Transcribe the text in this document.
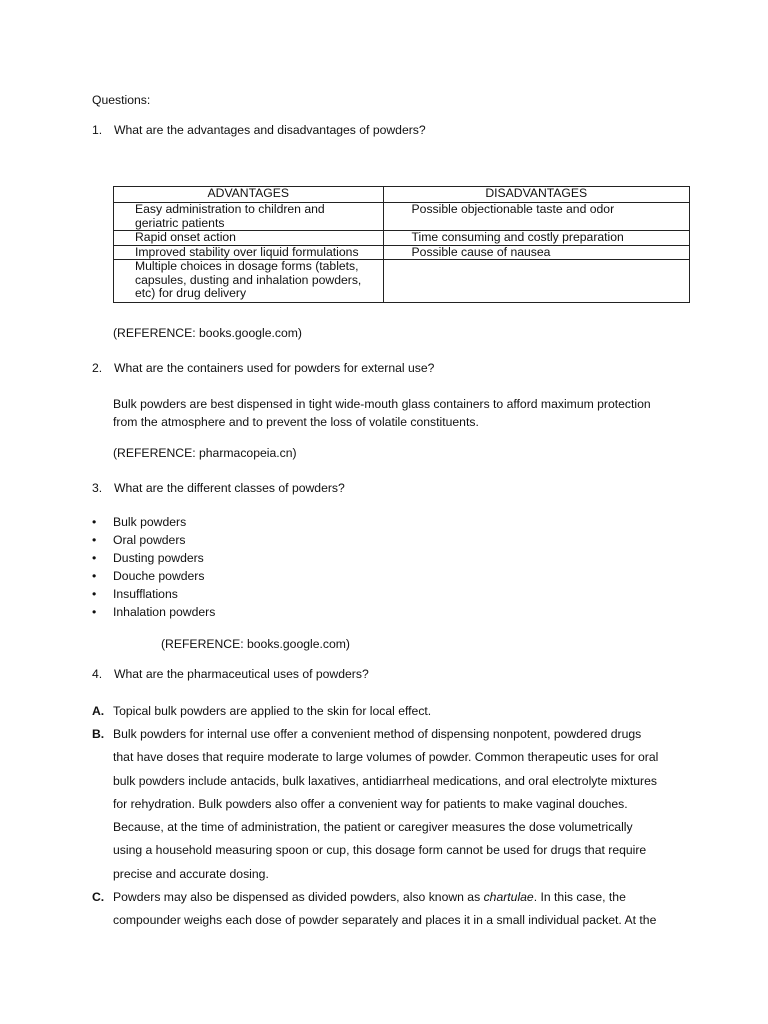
Questions:
1. What are the advantages and disadvantages of powders?
ADVANTAGES	DISADVANTAGES

Easy administration to children and
geriatric patients	Possible objectionable taste and odor

Rapid onset action	Time consuming and costly preparation

Improved stability over liquid formulations	Possible cause of nausea

Multiple choices in dosage forms (tablets,
capsules, dusting and inhalation powders,
etc) for drug delivery	

(REFERENCE: books.google.com)
2. What are the containers used for powders for external use?
Bulk powders are best dispensed in tight wide-mouth glass containers to afford maximum protection
from the atmosphere and to prevent the loss of volatile constituents.
(REFERENCE: pharmacopeia.cn)
3. What are the different classes of powders?
• Bulk powders
• Oral powders
• Dusting powders
• Douche powders
• Insufflations
• Inhalation powders
(REFERENCE: books.google.com)
4. What are the pharmaceutical uses of powders?
A. Topical bulk powders are applied to the skin for local effect.
B. Bulk powders for internal use offer a convenient method of dispensing nonpotent, powdered drugs
that have doses that require moderate to large volumes of powder. Common therapeutic uses for oral
bulk powders include antacids, bulk laxatives, antidiarrheal medications, and oral electrolyte mixtures
for rehydration. Bulk powders also offer a convenient way for patients to make vaginal douches.
Because, at the time of administration, the patient or caregiver measures the dose volumetrically
using a household measuring spoon or cup, this dosage form cannot be used for drugs that require
precise and accurate dosing.
C. Powders may also be dispensed as divided powders, also known as chartulae. In this case, the
compounder weighs each dose of powder separately and places it in a small individual packet. At the
